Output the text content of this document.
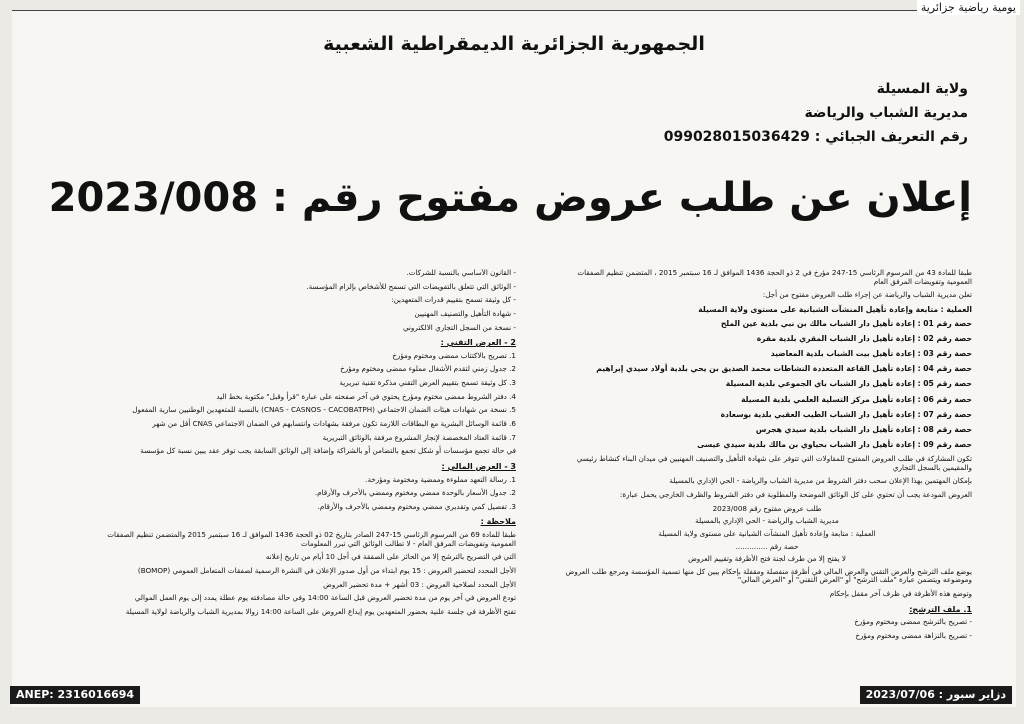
الجمهورية الجزائرية الديمقراطية الشعبية
ولاية المسيلة
مديرية الشباب والرياضة
رقم التعريف الجبائي : 099028015036429
إعلان عن طلب عروض مفتوح رقم : 2023/008

طبقا للمادة 43 من المرسوم الرئاسي 15-247 مؤرخ في 2 ذو الحجة 1436 الموافق لـ 16 سبتمبر 2015 ، المتضمن تنظيم الصفقات العمومية وتفويضات المرفق العام

تعلن مديرية الشباب والرياضة عن إجراء طلب العروض مفتوح من أجل:

العملية : متابعة وإعادة تأهيل المنشآت الشبانية على مستوى ولاية المسيلة

حصة رقم 01 : إعادة تأهيل دار الشباب مالك بن نبي بلدية عين الملح
حصة رقم 02 : إعادة تأهيل دار الشباب المقري بلدية مقرة
حصة رقم 03 : إعادة تأهيل بيت الشباب بلدية المعاضيد
حصة رقم 04 : إعادة تأهيل القاعة المتعددة النشاطات محمد الصديق بن يحي بلدية أولاد سيدي إبراهيم
حصة رقم 05 : إعادة تأهيل دار الشباب باي الجموعي بلدية المسيلة
حصة رقم 06 : إعادة تأهيل مركز التسلية العلمي بلدية المسيلة
حصة رقم 07 : إعادة تأهيل دار الشباب الطيب العقبي بلدية بوسعادة
حصة رقم 08 : إعادة تأهيل دار الشباب بلدية سيدي هجرس
حصة رقم 09 : إعادة تأهيل دار الشباب بحياوي بن مالك بلدية سيدي عيسى

تكون المشاركة في طلب العروض المفتوح للمقاولات التي تتوفر على شهادة التأهيل والتصنيف المهنيين في ميدان البناء كنشاط رئيسي والمقيمين بالسجل التجاري

بإمكان المهتمين بهذا الإعلان سحب دفتر الشروط من مديرية الشباب والرياضة - الحي الإداري بالمسيلة

العروض المودعة يجب أن تحتوي على كل الوثائق الموضحة والمطلوبة في دفتر الشروط والظرف الخارجي يحمل عبارة:

طلب عروض مفتوح رقم 2023/008
مديرية الشباب والرياضة - الحي الإداري بالمسيلة
العملية : متابعة وإعادة تأهيل المنشآت الشبانية على مستوى ولاية المسيلة
حصة رقم ..............
لا يفتح إلا من طرف لجنة فتح الأظرفة وتقييم العروض

يوضع ملف الترشح والعرض التقني والعرض المالي في أظرفة منفصلة ومقفلة بإحكام يبين كل منها تسمية المؤسسة ومرجع طلب العروض وموضوعه ويتضمن عبارة "ملف الترشح" أو "العرض التقني" أو "العرض المالي"

وتوضع هذه الأظرفة في ظرف آخر مقفل بإحكام

1. ملف الترشح:
- تصريح بالترشح ممضى ومختوم ومؤرخ
- تصريح بالنزاهة ممضى ومختوم ومؤرخ
- القانون الأساسي بالنسبة للشركات.
- الوثائق التي تتعلق بالتفويضات التي تسمح للأشخاص بإلزام المؤسسة.
- كل وثيقة تسمح بتقييم قدرات المتعهدين:
- شهادة التأهيل والتصنيف المهنيين
- نسخة من السجل التجاري الالكتروني
2 - العرض التقني :
1. تصريح بالاكتتاب ممضى ومختوم ومؤرخ
2. جدول زمني لتقدم الأشغال مملوء ممضى ومختوم ومؤرخ
3. كل وثيقة تسمح بتقييم العرض التقني مذكرة تقنية تبريرية
4. دفتر الشروط ممضى مختوم ومؤرخ يحتوي في آخر صفحته على عبارة "قرأ وقبل" مكتوبة بخط اليد
5. نسخة من شهادات هيئات الضمان الاجتماعي (CNAS - CASNOS - CACOBATPH) بالنسبة للمتعهدين الوطنيين سارية المفعول
6. قائمة الوسائل البشرية مع البطاقات اللازمة تكون مرفقة بشهادات وانتسابهم في الضمان الاجتماعي CNAS أقل من شهر
7. قائمة العتاد المخصصة لإنجاز المشروع مرفقة بالوثائق التبريرية
في حالة تجمع مؤسسات أو شكل تجمع بالتضامن أو بالشراكة وإضافة إلى الوثائق السابقة يجب توفر عقد يبين نسبة كل مؤسسة
3 - العرض المالي :
1. رسالة التعهد مملوءة وممضية ومختومة ومؤرخة.
2. جدول الأسعار بالوحدة ممضي ومختوم وممضي بالأحرف والأرقام.
3. تفصيل كمي وتقديري ممضي ومختوم وممضي بالأحرف والأرقام.
ملاحظة :
طبقا للمادة 69 من المرسوم الرئاسي 15-247 الصادر بتاريخ 02 ذو الحجة 1436 الموافق لـ 16 سبتمبر 2015 والمتضمن تنظيم الصفقات العمومية وتفويضات المرفق العام - لا تطالب الوثائق التي تبرر المعلومات
التي في التصريح بالترشح إلا من الحائز على الصفقة في أجل 10 أيام من تاريخ إعلانه
الأجل المحدد لتحضير العروض : 15 يوم ابتداء من أول صدور الإعلان في النشرة الرسمية لصفقات المتعامل العمومي (BOMOP)
الأجل المحدد لصلاحية العروض : 03 أشهر + مدة تحضير العروض
تودع العروض في آخر يوم من مدة تحضير العروض قبل الساعة 14:00 وفي حالة مصادفته يوم عطلة يمدد إلى يوم العمل الموالي
تفتح الأظرفة في جلسة علنية بحضور المتعهدين يوم إيداع العروض على الساعة 14:00 زوالا بمديرية الشباب والرياضة لولاية المسيلة
يومية رياضية جزائرية
ANEP: 2316016694	دزاير سبور : 2023/07/06
